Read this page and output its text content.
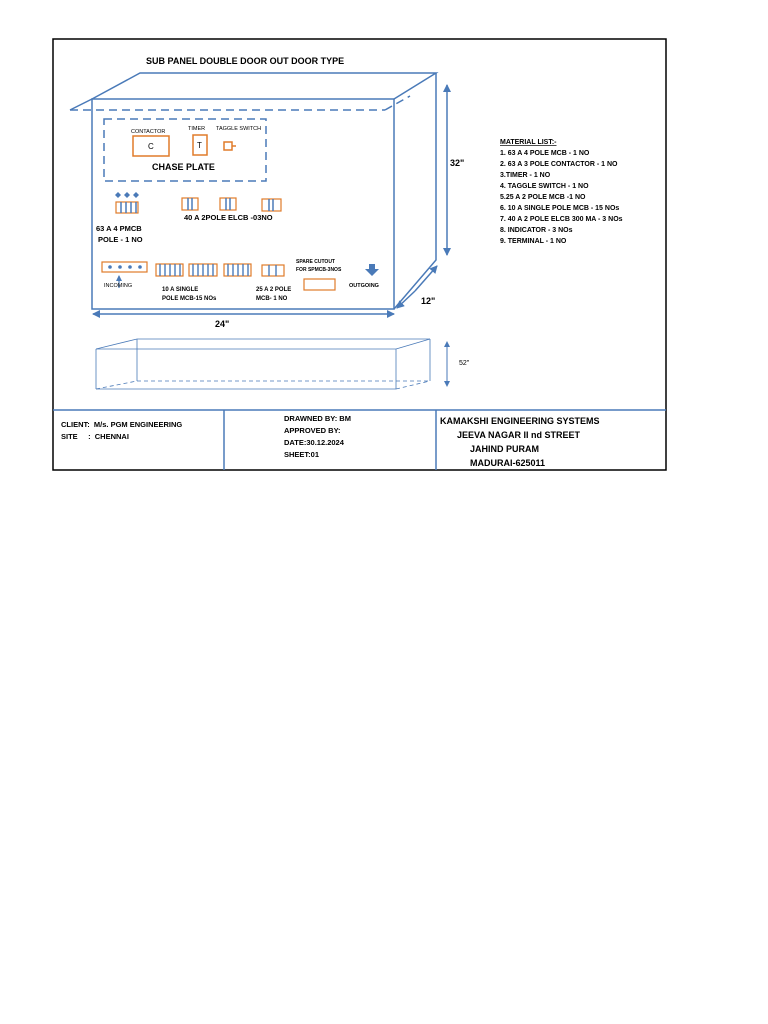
SUB PANEL DOUBLE DOOR OUT DOOR TYPE
CONTACTOR
C
TIMER
T
TAGGLE SWITCH
CHASE PLATE
63 A 4 PMCB
POLE - 1 NO
40 A 2POLE ELCB -03NO
INCOMING
10 A SINGLE
POLE MCB-15 NOs
25 A 2 POLE
MCB- 1 NO
SPARE CUTOUT
FOR SPMCB-3NOS
OUTGOING
32"
12"
24"
52"
MATERIAL LIST:-
1. 63 A 4 POLE MCB - 1 NO
2. 63 A 3 POLE CONTACTOR - 1 NO
3.TIMER - 1 NO
4. TAGGLE SWITCH - 1 NO
5.25 A 2 POLE MCB -1 NO
6. 10 A SINGLE POLE MCB - 15 NOs
7. 40 A 2 POLE ELCB 300 MA - 3 NOs
8. INDICATOR - 3 NOs
9. TERMINAL - 1 NO
CLIENT:  M/s. PGM ENGINEERING
SITE     :  CHENNAI
DRAWNED BY: BM
APPROVED BY:
DATE:30.12.2024
SHEET:01
KAMAKSHI ENGINEERING SYSTEMS
JEEVA NAGAR II nd STREET
JAHIND PURAM
MADURAI-625011
